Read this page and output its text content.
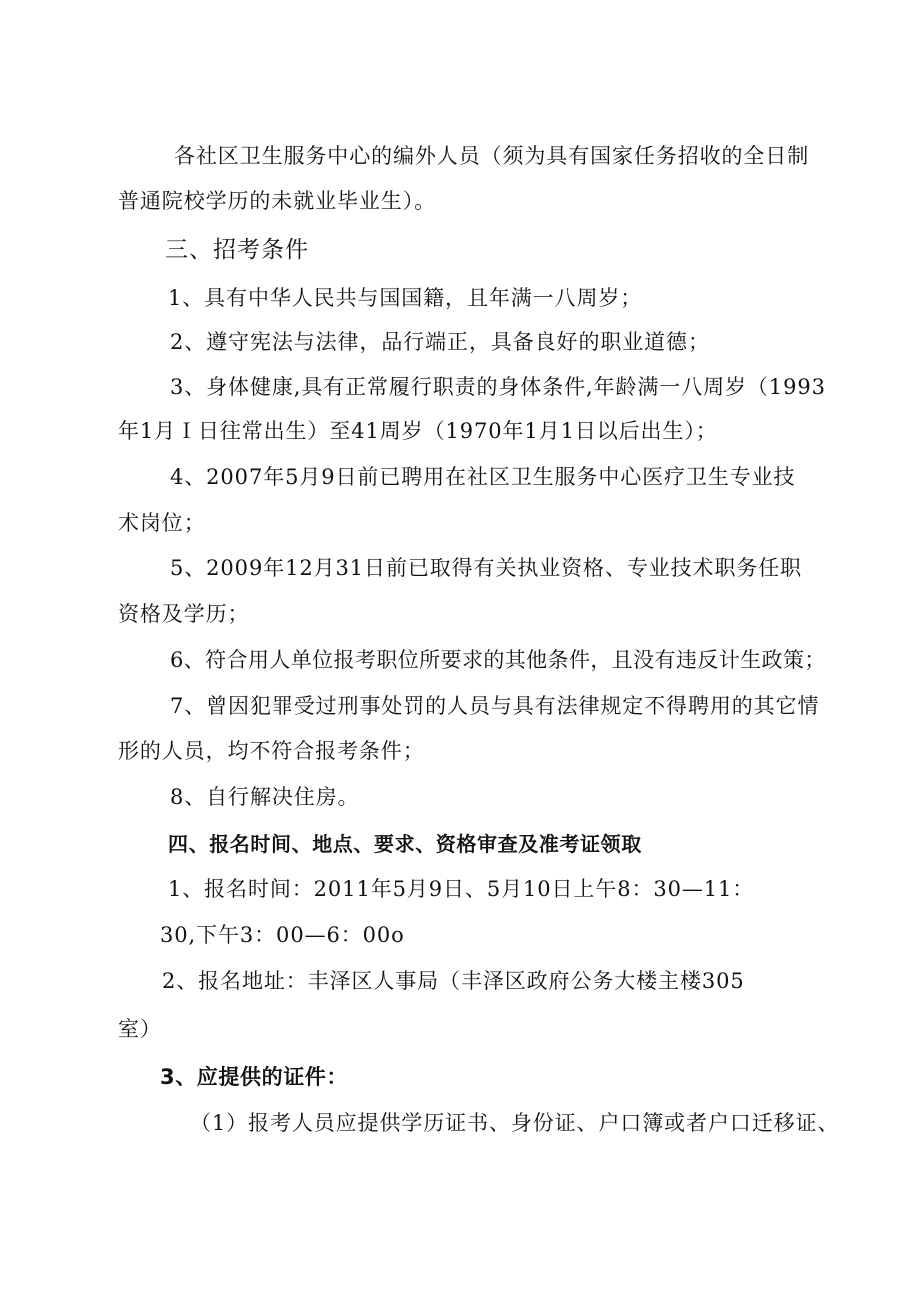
各社区卫生服务中心的编外人员（须为具有国家任务招收的全日制
普通院校学历的未就业毕业生）。
三、招考条件
1、具有中华人民共与国国籍，且年满一八周岁；
2、遵守宪法与法律，品行端正，具备良好的职业道德；
3、身体健康,具有正常履行职责的身体条件,年龄满一八周岁（1993
年1月Ｉ日往常出生）至41周岁（1970年1月1日以后出生）；
4、2007年5月9日前已聘用在社区卫生服务中心医疗卫生专业技
术岗位；
5、2009年12月31日前已取得有关执业资格、专业技术职务任职
资格及学历；
6、符合用人单位报考职位所要求的其他条件，且没有违反计生政策；
7、曾因犯罪受过刑事处罚的人员与具有法律规定不得聘用的其它情
形的人员，均不符合报考条件；
8、自行解决住房。
四、报名时间、地点、要求、资格审查及准考证领取
1、报名时间：2011年5月9日、5月10日上午8：30—11：
30,下午3：00—6：00o
2、报名地址：丰泽区人事局（丰泽区政府公务大楼主楼305
室）
3、应提供的证件：
（1）报考人员应提供学历证书、身份证、户口簿或者户口迁移证、
